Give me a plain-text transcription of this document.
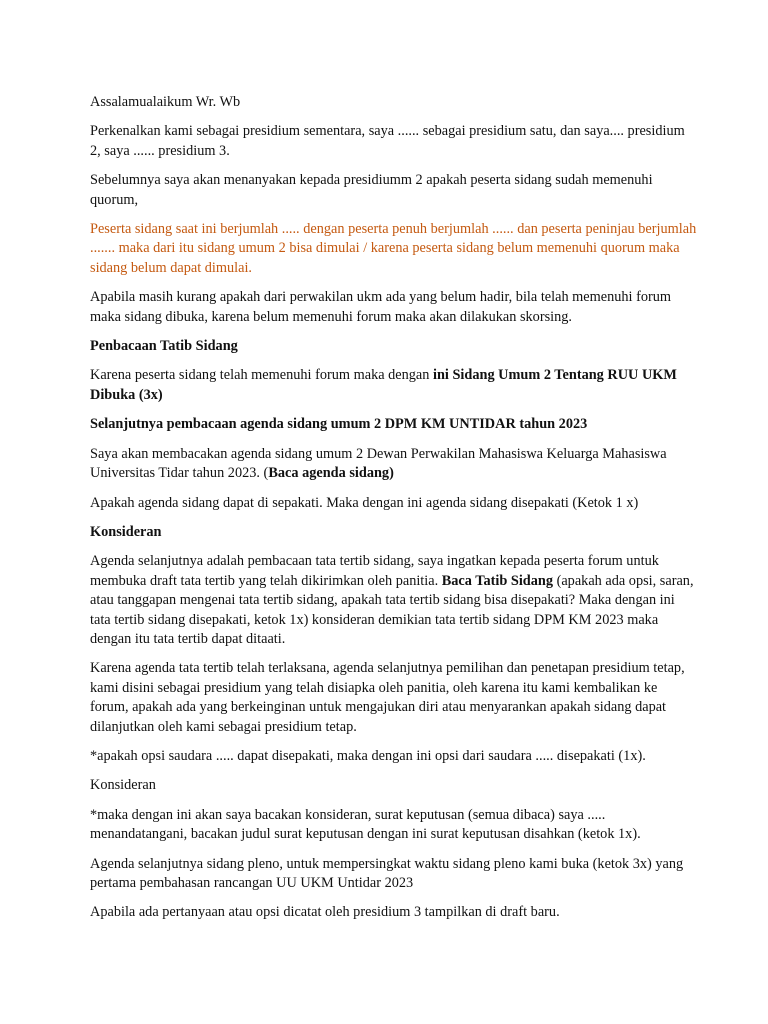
Assalamualaikum Wr. Wb

Perkenalkan kami sebagai presidium sementara, saya ...... sebagai presidium satu, dan saya.... presidium 2, saya ...... presidium 3.

Sebelumnya saya akan menanyakan kepada presidiumm 2 apakah peserta sidang sudah memenuhi quorum,

Peserta sidang saat ini berjumlah ..... dengan peserta penuh berjumlah ...... dan peserta peninjau berjumlah ....... maka dari itu sidang umum 2 bisa dimulai / karena peserta sidang belum memenuhi quorum maka sidang belum dapat dimulai.

Apabila masih kurang apakah dari perwakilan ukm ada yang belum hadir, bila telah memenuhi forum maka sidang dibuka, karena belum memenuhi forum maka akan dilakukan skorsing.

Penbacaan Tatib Sidang

Karena peserta sidang telah memenuhi forum maka dengan ini Sidang Umum 2 Tentang RUU UKM Dibuka (3x)

Selanjutnya pembacaan agenda sidang umum 2 DPM KM UNTIDAR tahun 2023

Saya akan membacakan agenda sidang umum 2 Dewan Perwakilan Mahasiswa Keluarga Mahasiswa Universitas Tidar tahun 2023. (Baca agenda sidang)

Apakah agenda sidang dapat di sepakati. Maka dengan ini agenda sidang disepakati (Ketok 1 x)

Konsideran

Agenda selanjutnya adalah pembacaan tata tertib sidang, saya ingatkan kepada peserta forum untuk membuka draft tata tertib yang telah dikirimkan oleh panitia. Baca Tatib Sidang (apakah ada opsi, saran, atau tanggapan mengenai tata tertib sidang, apakah tata tertib sidang bisa disepakati? Maka dengan ini tata tertib sidang disepakati, ketok 1x) konsideran demikian tata tertib sidang DPM KM 2023 maka dengan itu tata tertib dapat ditaati.

Karena agenda tata tertib telah terlaksana, agenda selanjutnya pemilihan dan penetapan presidium tetap, kami disini sebagai presidium yang telah disiapka oleh panitia, oleh karena itu kami kembalikan ke forum, apakah ada yang berkeinginan untuk mengajukan diri atau menyarankan apakah sidang dapat dilanjutkan oleh kami sebagai presidium tetap.

*apakah opsi saudara ..... dapat disepakati, maka dengan ini opsi dari saudara ..... disepakati (1x).

Konsideran

*maka dengan ini akan saya bacakan konsideran, surat keputusan (semua dibaca) saya ..... menandatangani, bacakan judul surat keputusan dengan ini surat keputusan disahkan (ketok 1x).

Agenda selanjutnya sidang pleno, untuk mempersingkat waktu sidang pleno kami buka (ketok 3x) yang pertama pembahasan rancangan UU UKM Untidar 2023

Apabila ada pertanyaan atau opsi dicatat oleh presidium 3 tampilkan di draft baru.
